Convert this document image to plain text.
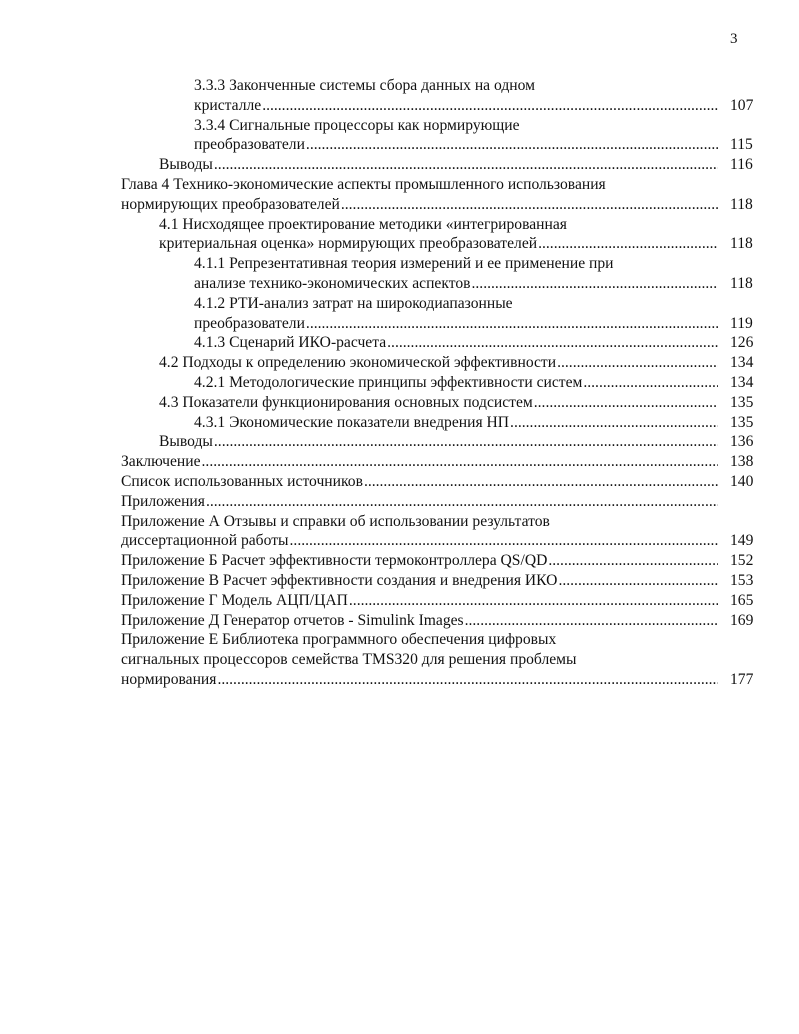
3
3.3.3 Законченные системы сбора данных на одном
кристалле .....	107
3.3.4 Сигнальные процессоры как нормирующие
преобразователи .....	115
Выводы .....	116
Глава 4 Технико-экономические аспекты промышленного использования
нормирующих преобразователей .....	118
4.1 Нисходящее проектирование методики «интегрированная
критериальная оценка» нормирующих преобразователей .....	118
4.1.1 Репрезентативная теория измерений и ее применение при
анализе технико-экономических аспектов .....	118
4.1.2 РТИ-анализ затрат на широкодиапазонные
преобразователи .....	119
4.1.3 Сценарий ИКО-расчета .....	126
4.2 Подходы к определению экономической эффективности .....	134
4.2.1 Методологические принципы эффективности систем .....	134
4.3 Показатели функционирования основных подсистем .....	135
4.3.1 Экономические показатели внедрения НП .....	135
Выводы .....	136
Заключение .....	138
Список использованных источников .....	140
Приложения
.....
Приложение А Отзывы и справки об использовании результатов
диссертационной работы .....	149
Приложение Б Расчет эффективности термоконтроллера QS/QD .....	152
Приложение В Расчет эффективности создания и внедрения ИКО .....	153
Приложение Г Модель АЦП/ЦАП .....	165
Приложение Д Генератор отчетов - Simulink Images .....	169
Приложение Е Библиотека программного обеспечения цифровых
сигнальных процессоров семейства TMS320 для решения проблемы
нормирования .....	177
